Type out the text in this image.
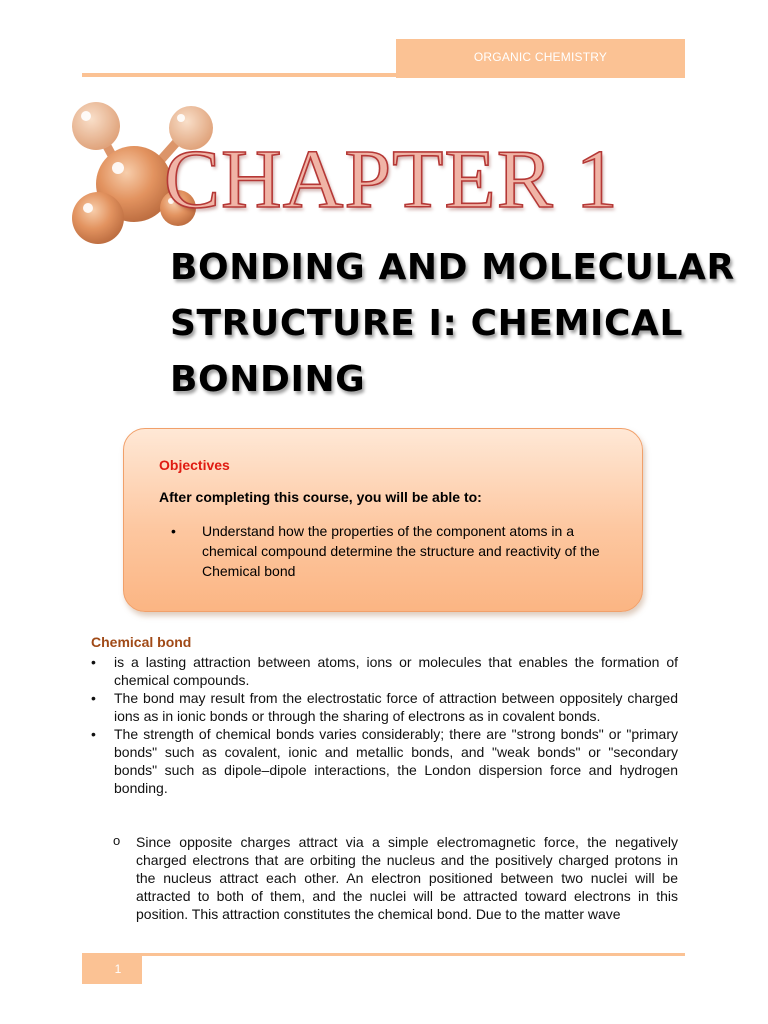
ORGANIC CHEMISTRY
CHAPTER 1
BONDING AND MOLECULAR
STRUCTURE I: CHEMICAL
BONDING
Objectives
After completing this course, you will be able to:
• Understand how the properties of the component atoms in a chemical compound determine the structure and reactivity of the Chemical bond
Chemical bond
• is a lasting attraction between atoms, ions or molecules that enables the formation of chemical compounds.
• The bond may result from the electrostatic force of attraction between oppositely charged ions as in ionic bonds or through the sharing of electrons as in covalent bonds.
• The strength of chemical bonds varies considerably; there are "strong bonds" or "primary bonds" such as covalent, ionic and metallic bonds, and "weak bonds" or "secondary bonds" such as dipole–dipole interactions, the London dispersion force and hydrogen bonding.
o Since opposite charges attract via a simple electromagnetic force, the negatively charged electrons that are orbiting the nucleus and the positively charged protons in the nucleus attract each other. An electron positioned between two nuclei will be attracted to both of them, and the nuclei will be attracted toward electrons in this position. This attraction constitutes the chemical bond. Due to the matter wave
1
